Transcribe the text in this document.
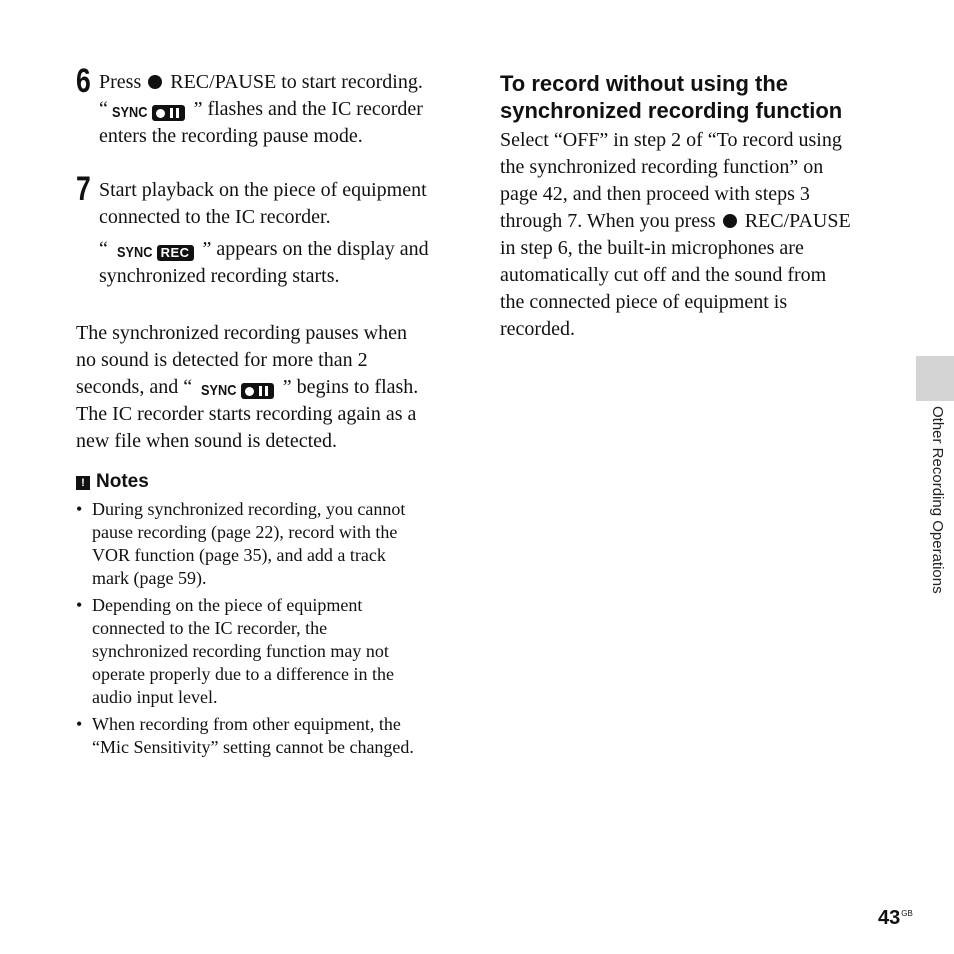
6 Press  REC/PAUSE to start recording.
“ SYNC ” flashes and the IC recorder
enters the recording pause mode.
7 Start playback on the piece of equipment
connected to the IC recorder.
“ SYNC REC ” appears on the display and
synchronized recording starts.
The synchronized recording pauses when
no sound is detected for more than 2
seconds, and “ SYNC ” begins to flash.
The IC recorder starts recording again as a
new file when sound is detected.
! Notes
• During synchronized recording, you cannot
pause recording (page 22), record with the
VOR function (page 35), and add a track
mark (page 59).
• Depending on the piece of equipment
connected to the IC recorder, the
synchronized recording function may not
operate properly due to a difference in the
audio input level.
• When recording from other equipment, the
“Mic Sensitivity” setting cannot be changed.
To record without using the
synchronized recording function
Select “OFF” in step 2 of “To record using
the synchronized recording function” on
page 42, and then proceed with steps 3
through 7. When you press  REC/PAUSE
in step 6, the built-in microphones are
automatically cut off and the sound from
the connected piece of equipment is
recorded.
Other Recording Operations
$43^{GB}$
